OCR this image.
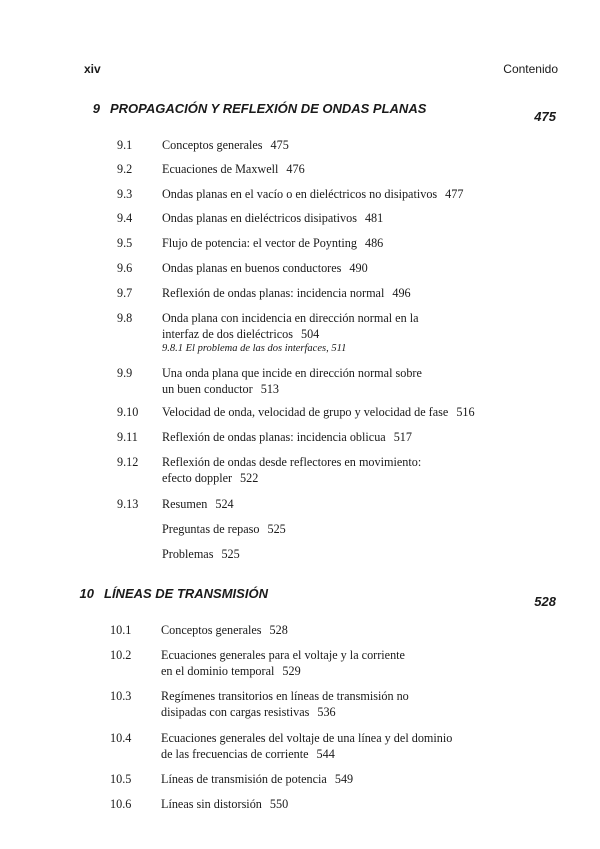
xiv	Contenido
9 PROPAGACIÓN Y REFLEXIÓN DE ONDAS PLANAS
475
9.1 Conceptos generales 475
9.2 Ecuaciones de Maxwell 476
9.3 Ondas planas en el vacío o en dieléctricos no disipativos 477
9.4 Ondas planas en dieléctricos disipativos 481
9.5 Flujo de potencia: el vector de Poynting 486
9.6 Ondas planas en buenos conductores 490
9.7 Reflexión de ondas planas: incidencia normal 496
9.8 Onda plana con incidencia en dirección normal en la
interfaz de dos dieléctricos 504
9.8.1 El problema de las dos interfaces, 511
9.9 Una onda plana que incide en dirección normal sobre
un buen conductor 513
9.10 Velocidad de onda, velocidad de grupo y velocidad de fase 516
9.11 Reflexión de ondas planas: incidencia oblicua 517
9.12 Reflexión de ondas desde reflectores en movimiento:
efecto doppler 522
9.13 Resumen 524
Preguntas de repaso 525
Problemas 525
10 LÍNEAS DE TRANSMISIÓN
528
10.1 Conceptos generales 528
10.2 Ecuaciones generales para el voltaje y la corriente
en el dominio temporal 529
10.3 Regímenes transitorios en líneas de transmisión no
disipadas con cargas resistivas 536
10.4 Ecuaciones generales del voltaje de una línea y del dominio
de las frecuencias de corriente 544
10.5 Líneas de transmisión de potencia 549
10.6 Líneas sin distorsión 550
